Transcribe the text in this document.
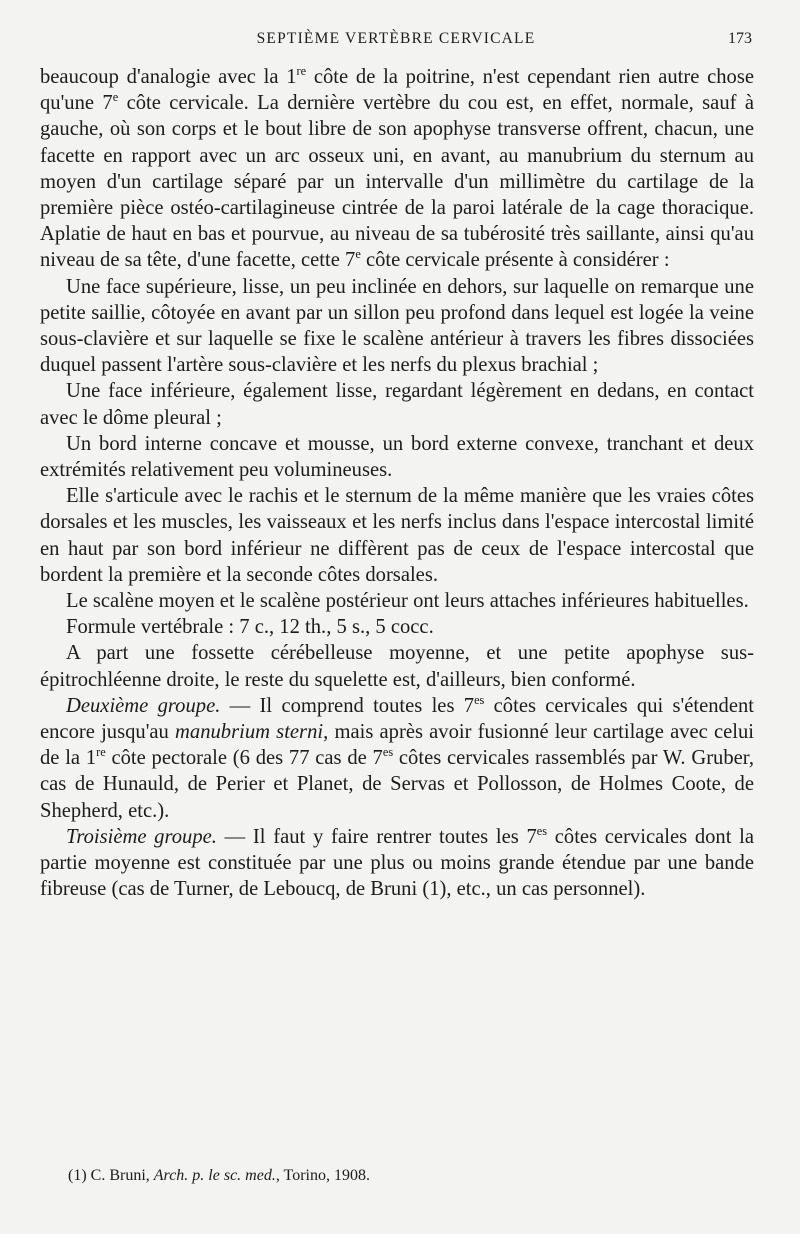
SEPTIÈME VERTÈBRE CERVICALE	173

beaucoup d'analogie avec la 1re côte de la poitrine, n'est cependant rien autre chose qu'une 7e côte cervicale. La dernière vertèbre du cou est, en effet, normale, sauf à gauche, où son corps et le bout libre de son apophyse transverse offrent, chacun, une facette en rapport avec un arc osseux uni, en avant, au manubrium du sternum au moyen d'un cartilage séparé par un intervalle d'un millimètre du cartilage de la première pièce ostéo-cartilagineuse cintrée de la paroi latérale de la cage thoracique. Aplatie de haut en bas et pourvue, au niveau de sa tubérosité très saillante, ainsi qu'au niveau de sa tête, d'une facette, cette 7e côte cervicale présente à considérer :

Une face supérieure, lisse, un peu inclinée en dehors, sur laquelle on remarque une petite saillie, côtoyée en avant par un sillon peu profond dans lequel est logée la veine sous-clavière et sur laquelle se fixe le scalène antérieur à travers les fibres dissociées duquel passent l'artère sous-clavière et les nerfs du plexus brachial ;

Une face inférieure, également lisse, regardant légèrement en dedans, en contact avec le dôme pleural ;

Un bord interne concave et mousse, un bord externe convexe, tranchant et deux extrémités relativement peu volumineuses.

Elle s'articule avec le rachis et le sternum de la même manière que les vraies côtes dorsales et les muscles, les vaisseaux et les nerfs inclus dans l'espace intercostal limité en haut par son bord inférieur ne diffèrent pas de ceux de l'espace intercostal que bordent la première et la seconde côtes dorsales.

Le scalène moyen et le scalène postérieur ont leurs attaches inférieures habituelles.

Formule vertébrale : 7 c., 12 th., 5 s., 5 cocc.

A part une fossette cérébelleuse moyenne, et une petite apophyse sus-épitrochléenne droite, le reste du squelette est, d'ailleurs, bien conformé.

Deuxième groupe. — Il comprend toutes les $7^{es}$ côtes cervicales qui s'étendent encore jusqu'au manubrium sterni, mais après avoir fusionné leur cartilage avec celui de la 1re côte pectorale (6 des 77 cas de $7^{es}$ côtes cervicales rassemblés par W. Gruber, cas de Hunauld, de Perier et Planet, de Servas et Pollosson, de Holmes Coote, de Shepherd, etc.).

Troisième groupe. — Il faut y faire rentrer toutes les $7^{es}$ côtes cervicales dont la partie moyenne est constituée par une plus ou moins grande étendue par une bande fibreuse (cas de Turner, de Leboucq, de Bruni (1), etc., un cas personnel).

(1) C. Bruni, Arch. p. le sc. med., Torino, 1908.
